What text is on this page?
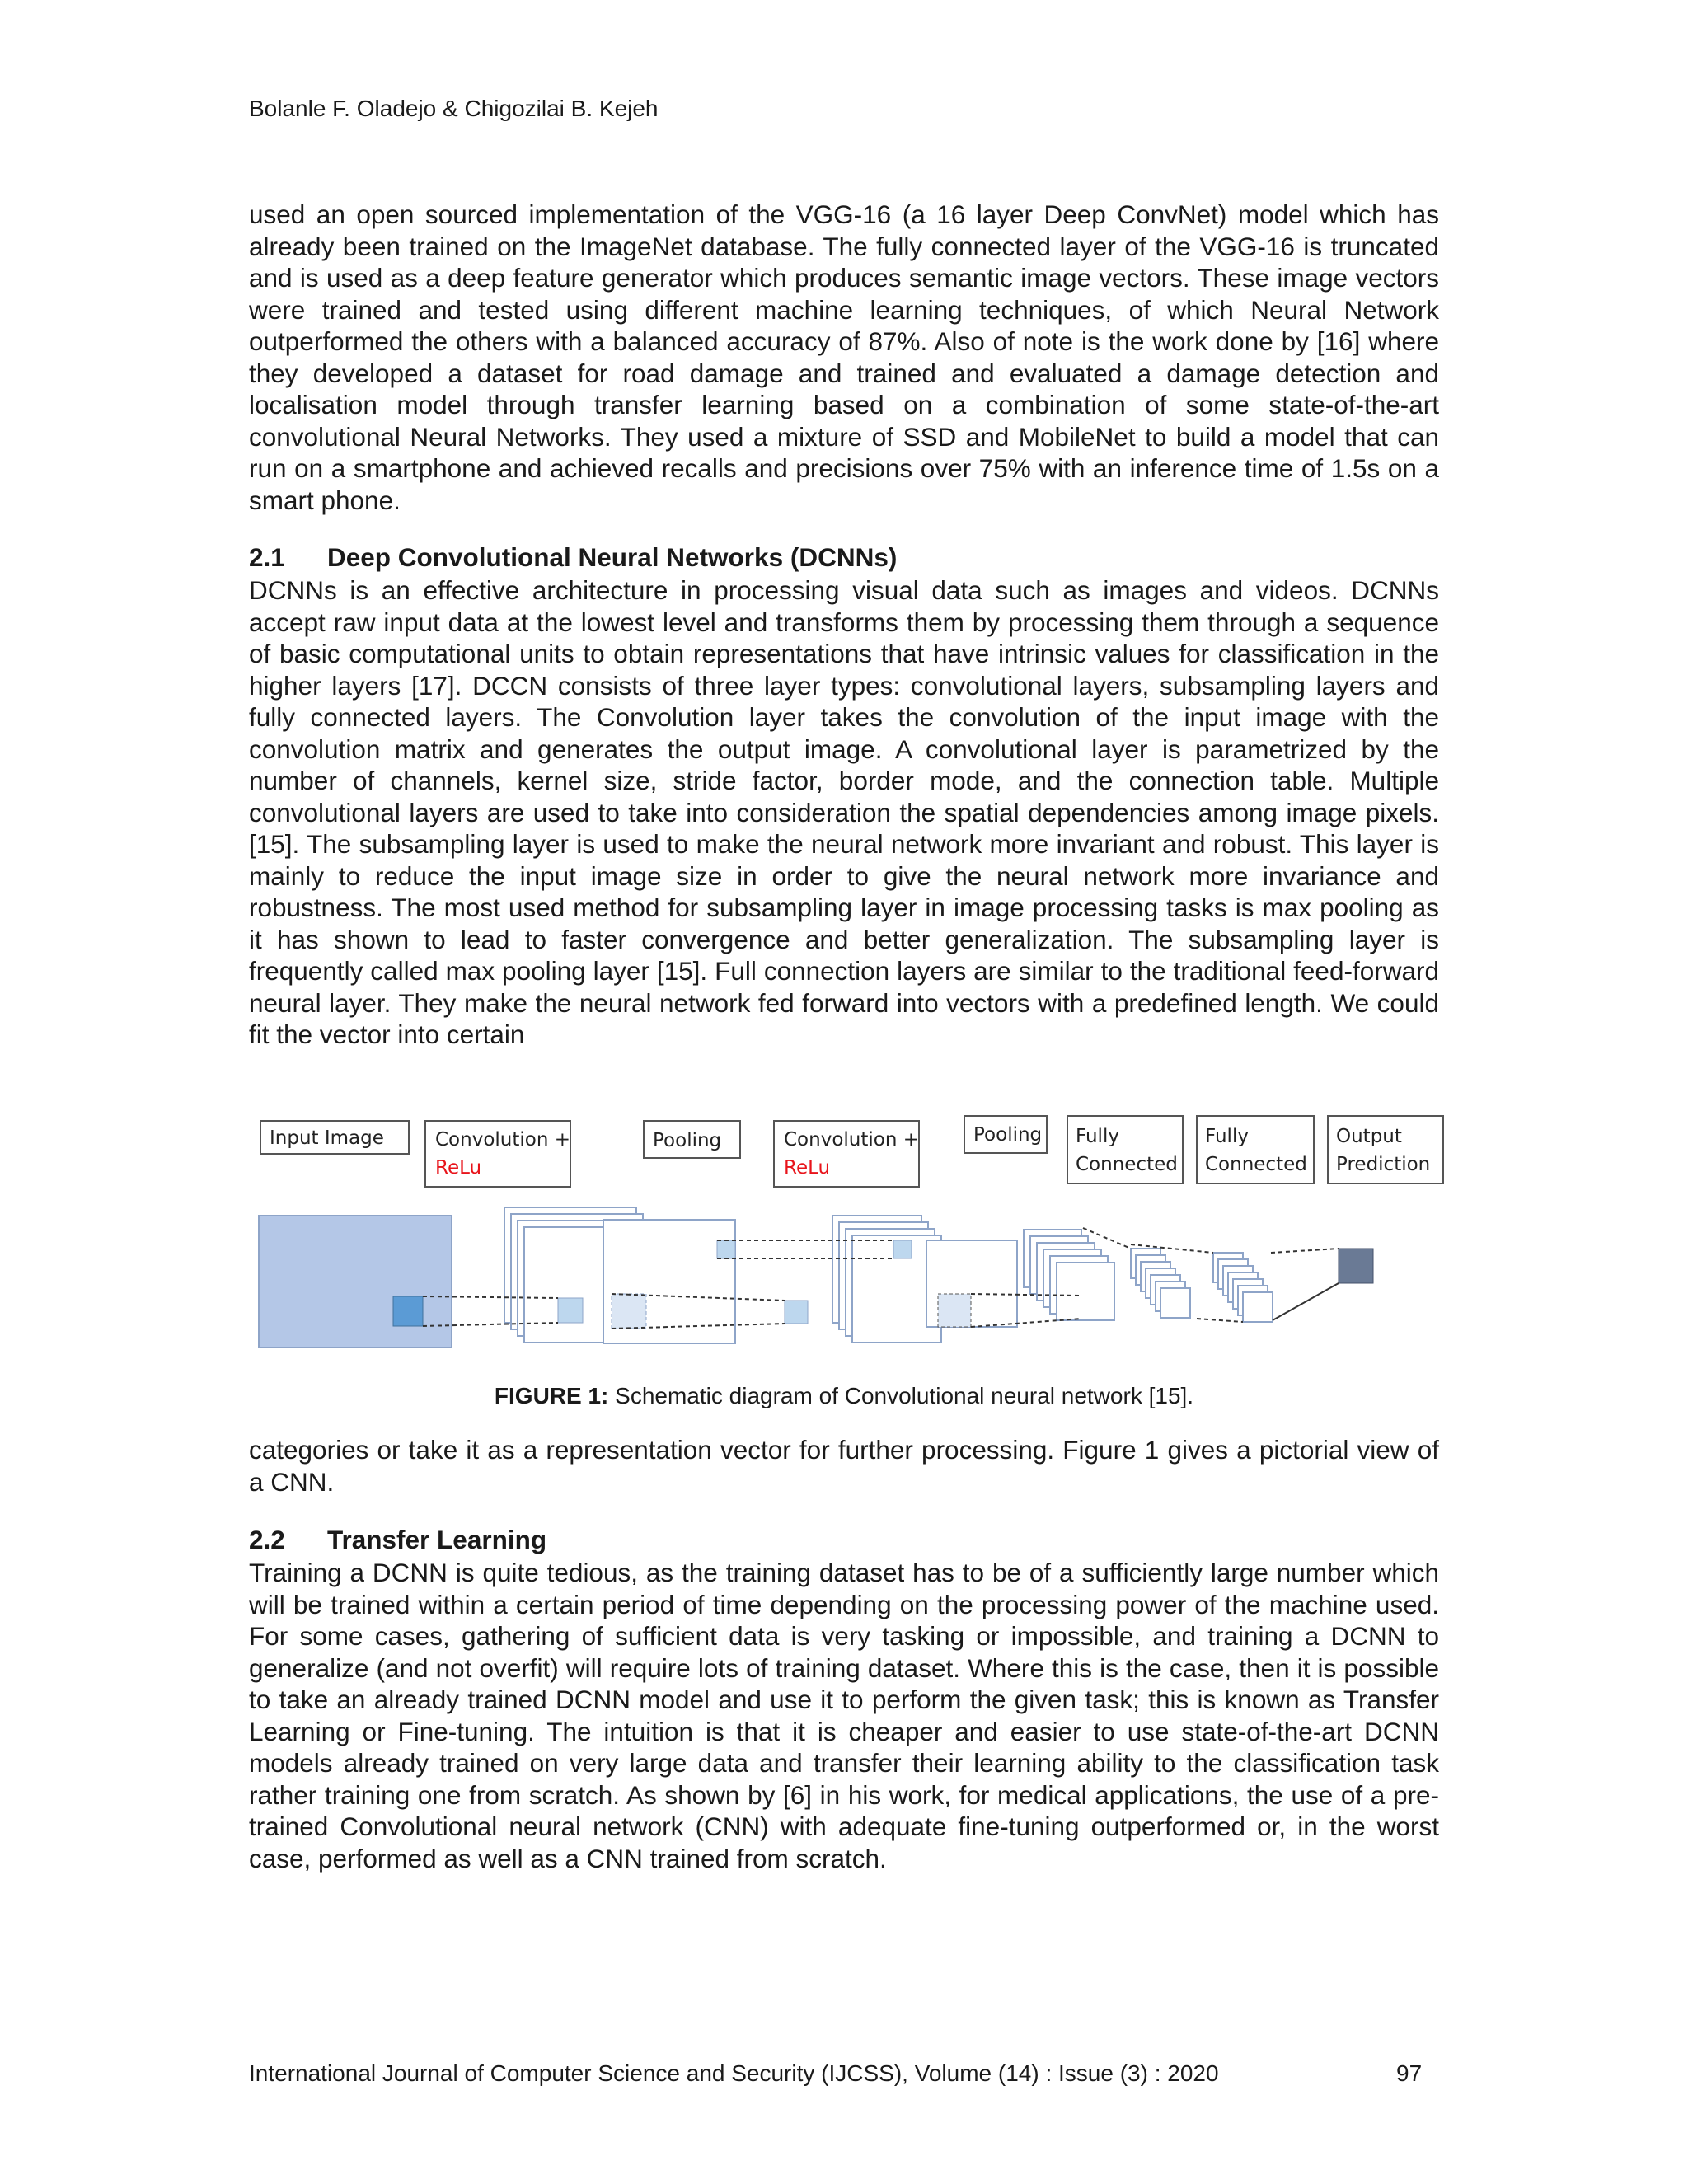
Bolanle F. Oladejo & Chigozilai B. Kejeh

used an open sourced implementation of the VGG-16 (a 16 layer Deep ConvNet) model which has already been trained on the ImageNet database. The fully connected layer of the VGG-16 is truncated and is used as a deep feature generator which produces semantic image vectors. These image vectors were trained and tested using different machine learning techniques, of which Neural Network outperformed the others with a balanced accuracy of 87%. Also of note is the work done by [16] where they developed a dataset for road damage and trained and evaluated a damage detection and localisation model through transfer learning based on a combination of some state-of-the-art convolutional Neural Networks. They used a mixture of SSD and MobileNet to build a model that can run on a smartphone and achieved recalls and precisions over 75% with an inference time of 1.5s on a smart phone.

2.1 Deep Convolutional Neural Networks (DCNNs)

DCNNs is an effective architecture in processing visual data such as images and videos. DCNNs accept raw input data at the lowest level and transforms them by processing them through a sequence of basic computational units to obtain representations that have intrinsic values for classification in the higher layers [17]. DCCN consists of three layer types: convolutional layers, subsampling layers and fully connected layers. The Convolution layer takes the convolution of the input image with the convolution matrix and generates the output image. A convolutional layer is parametrized by the number of channels, kernel size, stride factor, border mode, and the connection table. Multiple convolutional layers are used to take into consideration the spatial dependencies among image pixels. [15]. The subsampling layer is used to make the neural network more invariant and robust. This layer is mainly to reduce the input image size in order to give the neural network more invariance and robustness. The most used method for subsampling layer in image processing tasks is max pooling as it has shown to lead to faster convergence and better generalization. The subsampling layer is frequently called max pooling layer [15]. Full connection layers are similar to the traditional feed-forward neural layer. They make the neural network fed forward into vectors with a predefined length. We could fit the vector into certain

Input Image	Convolution +
ReLu
Pooling	Convolution +
ReLu
Pooling Fully
Connected
Fully
Connected
Output
Prediction
FIGURE 1: Schematic diagram of Convolutional neural network [15].

categories or take it as a representation vector for further processing. Figure 1 gives a pictorial view of a CNN.

2.2 Transfer Learning

Training a DCNN is quite tedious, as the training dataset has to be of a sufficiently large number which will be trained within a certain period of time depending on the processing power of the machine used. For some cases, gathering of sufficient data is very tasking or impossible, and training a DCNN to generalize (and not overfit) will require lots of training dataset. Where this is the case, then it is possible to take an already trained DCNN model and use it to perform the given task; this is known as Transfer Learning or Fine-tuning. The intuition is that it is cheaper and easier to use state-of-the-art DCNN models already trained on very large data and transfer their learning ability to the classification task rather training one from scratch. As shown by [6] in his work, for medical applications, the use of a pre-trained Convolutional neural network (CNN) with adequate fine-tuning outperformed or, in the worst case, performed as well as a CNN trained from scratch.

International Journal of Computer Science and Security (IJCSS), Volume (14) : Issue (3) : 2020	97
